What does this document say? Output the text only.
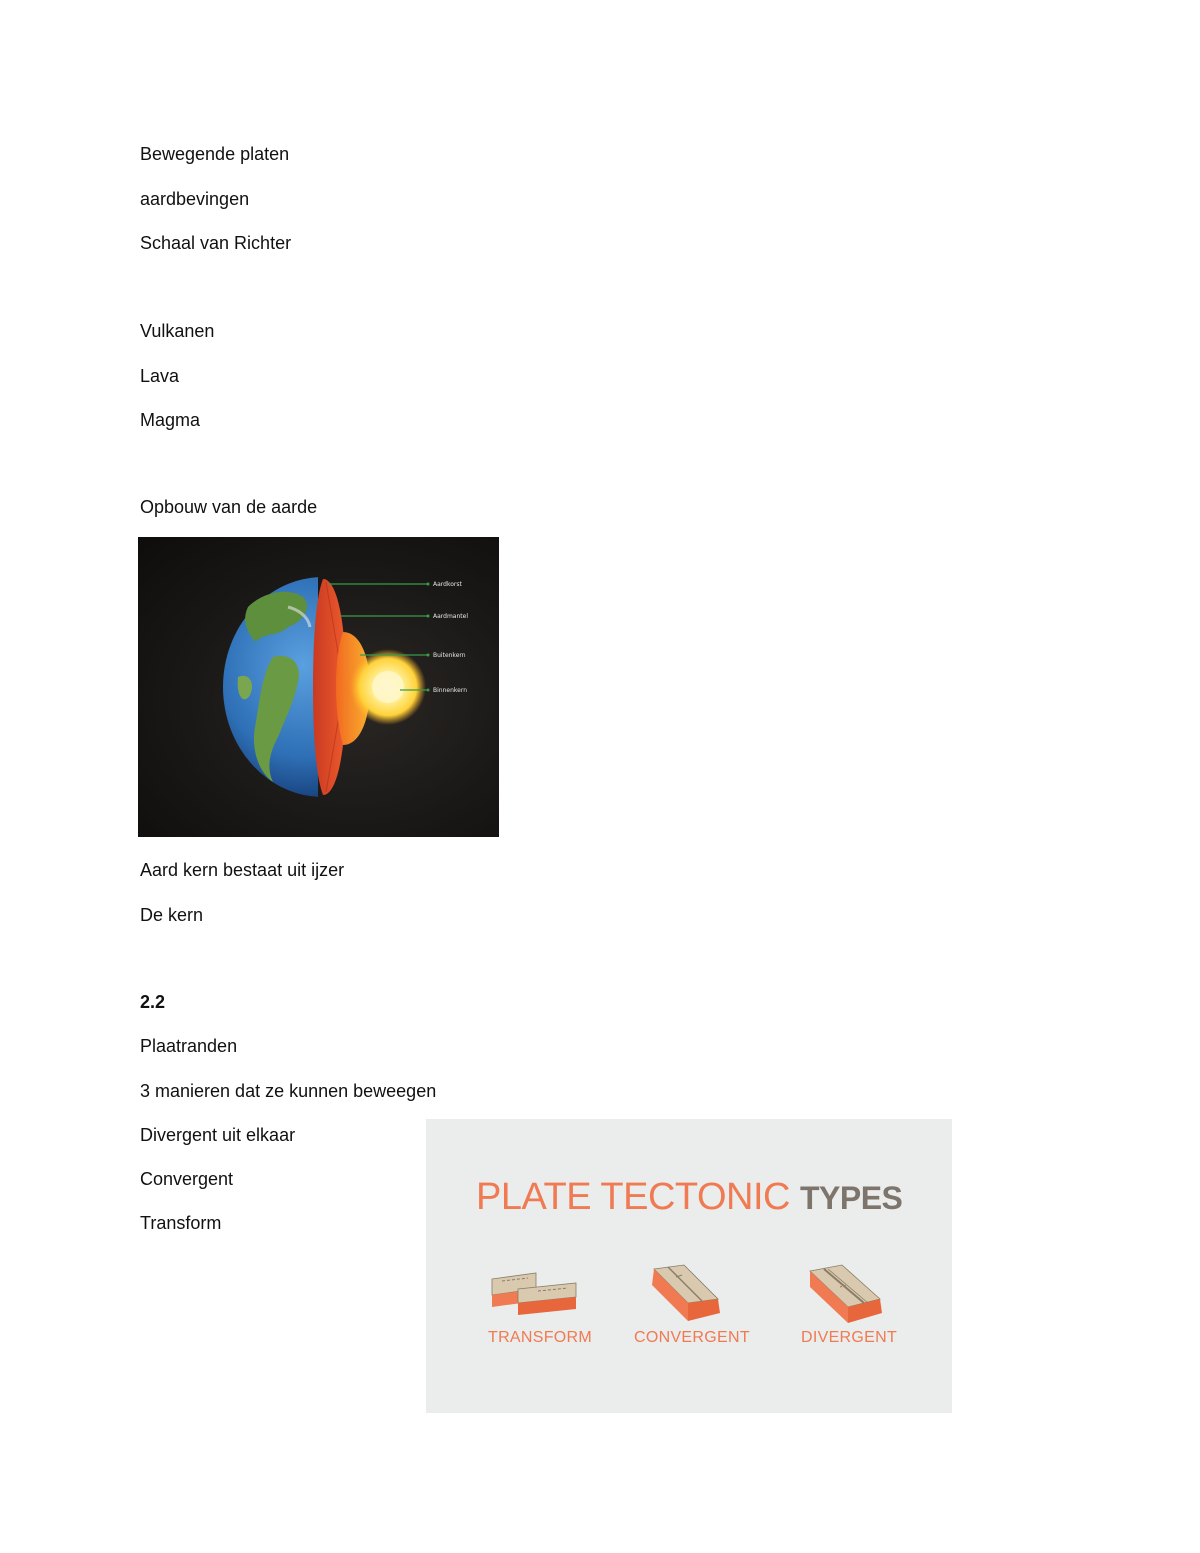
Bewegende platen
aardbevingen
Schaal van Richter
Vulkanen
Lava
Magma
Opbouw van de aarde
Aardkorst
Aardmantel
Buitenkern
Binnenkern
Aard kern bestaat uit ijzer
De kern
2.2
Plaatranden
3 manieren dat ze kunnen beweegen
Divergent uit elkaar
Convergent
Transform
PLATE TECTONIC TYPES
TRANSFORM	CONVERGENT	DIVERGENT
